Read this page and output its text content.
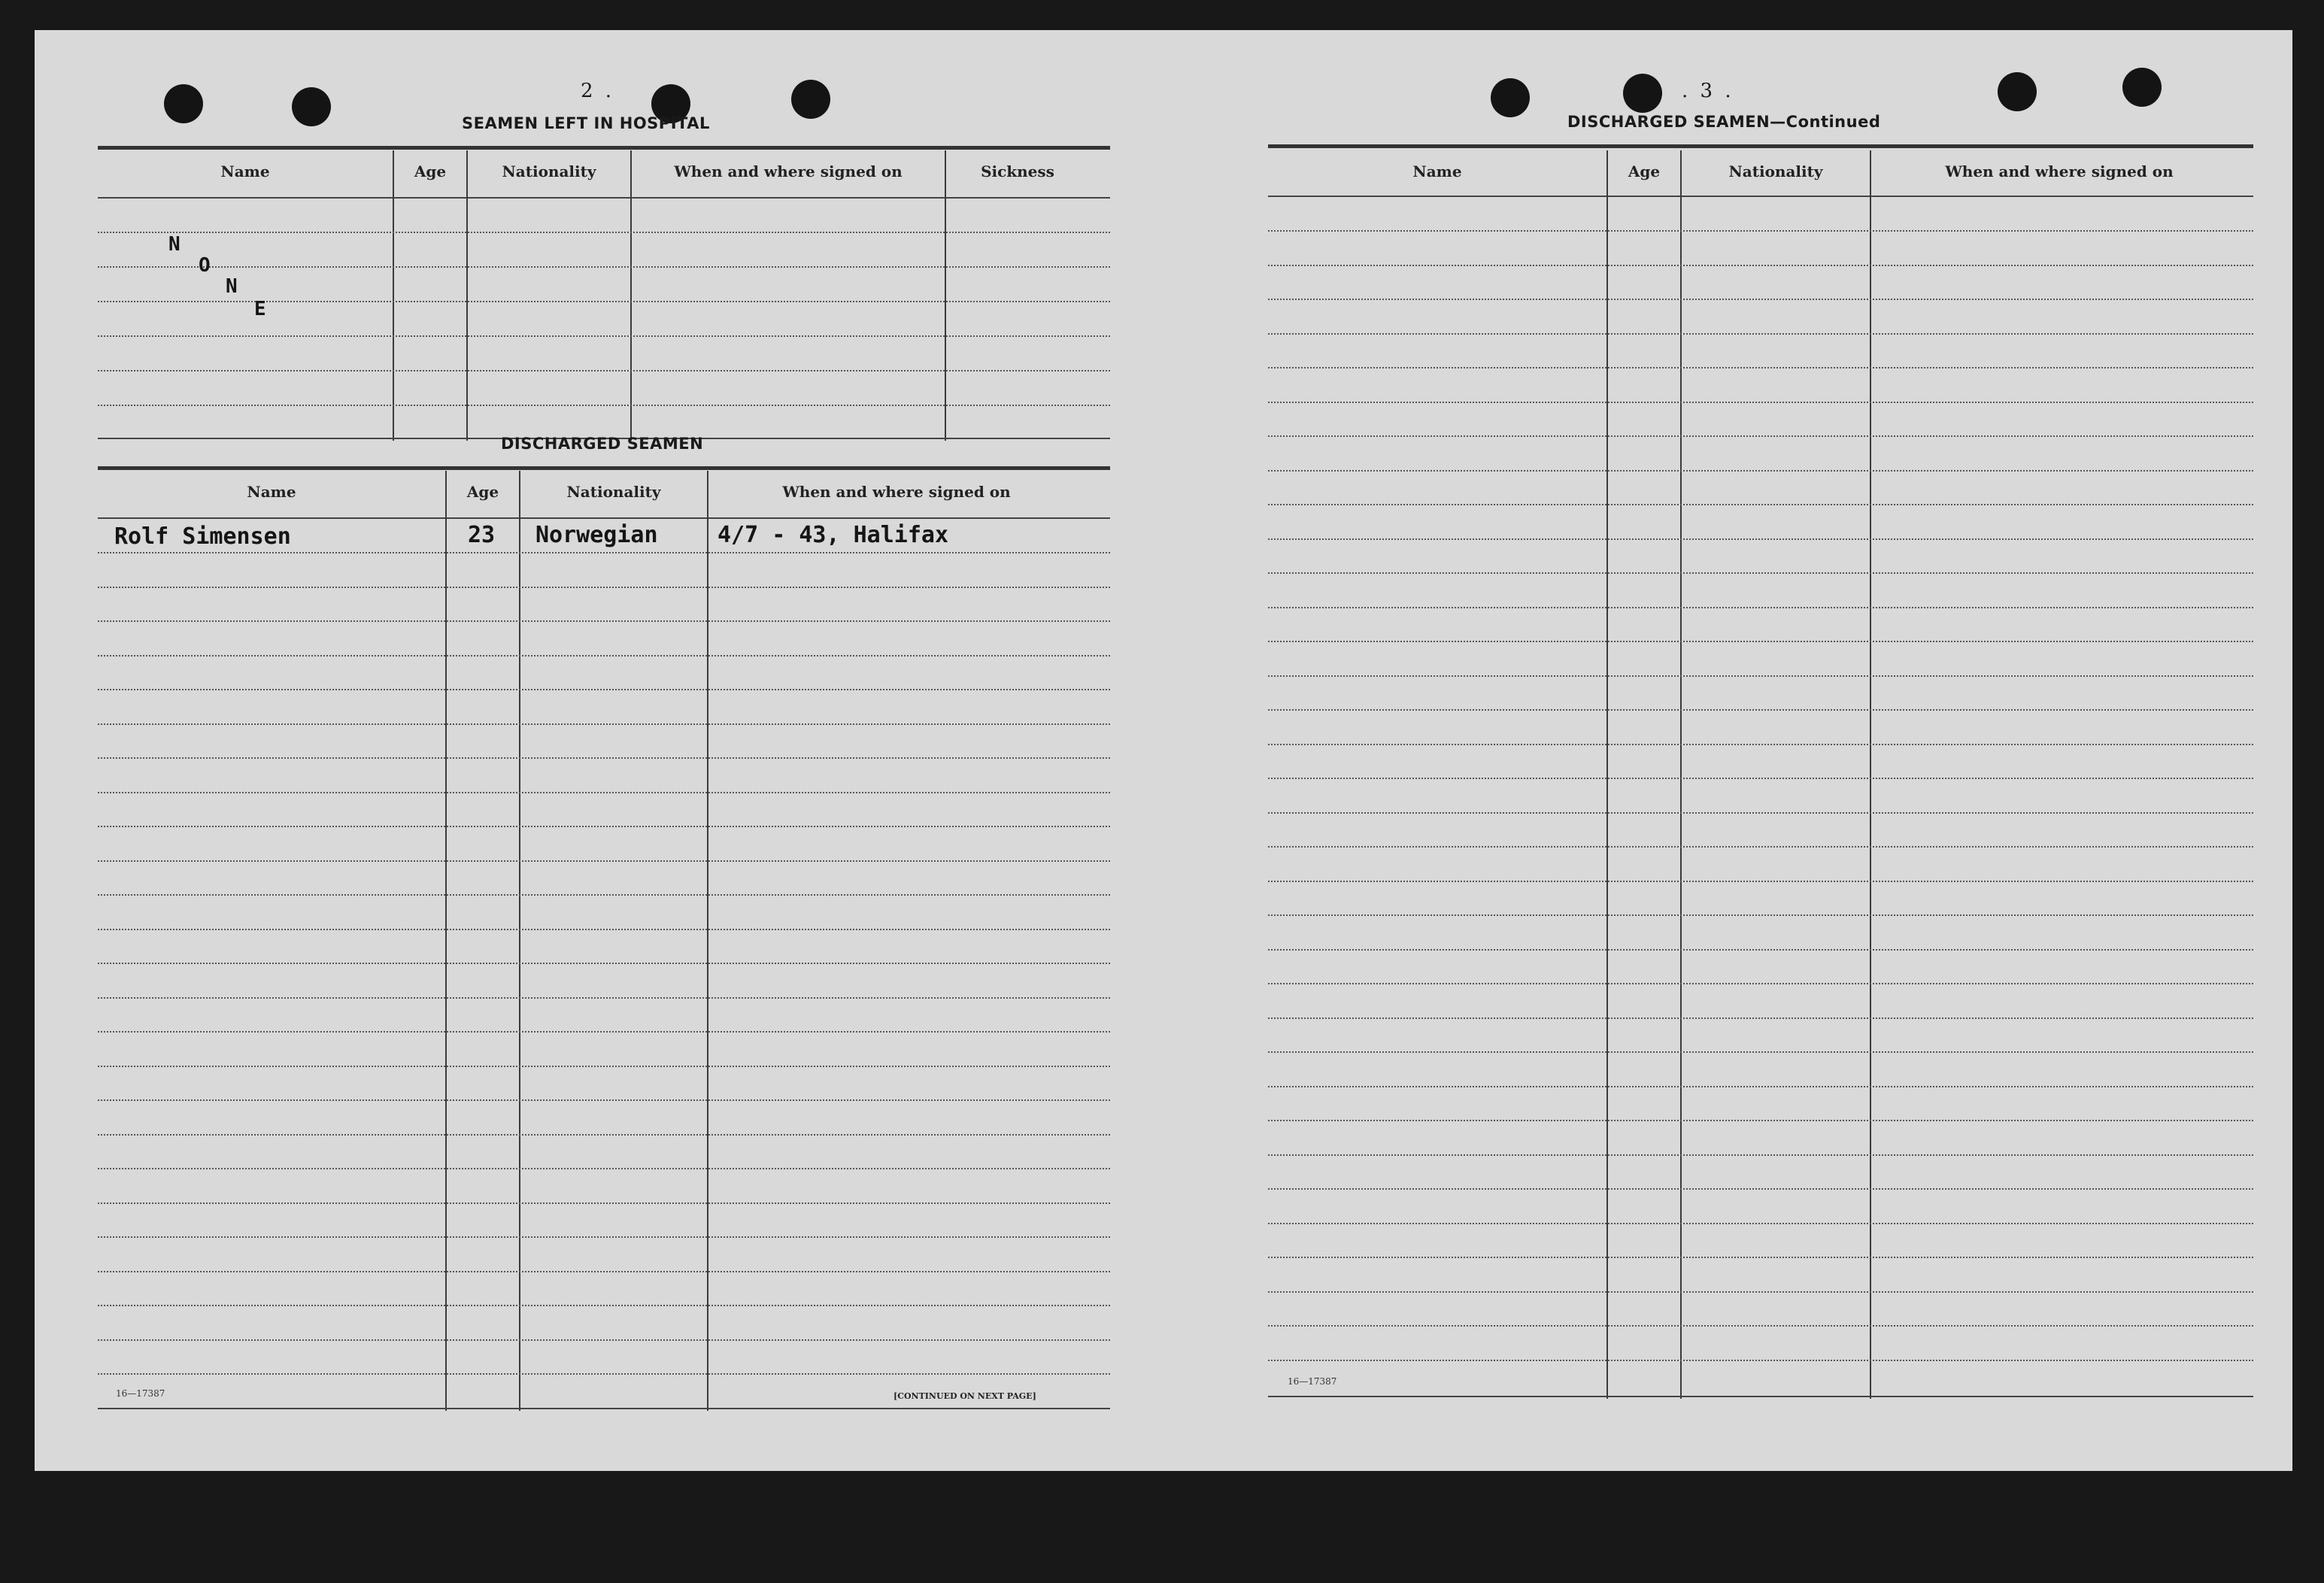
2 .
SEAMEN LEFT IN HOSPITAL
Name	Age	Nationality	When and where signed on	Sickness
N
O
N
E
DISCHARGED SEAMEN
Name	Age	Nationality	When and where signed on
Rolf Simensen	23 Norwegian	4/7 - 43, Halifax
16—17387	[CONTINUED ON NEXT PAGE]
. 3 .
DISCHARGED SEAMEN—Continued
Name	Age	Nationality	When and where signed on
16—17387
